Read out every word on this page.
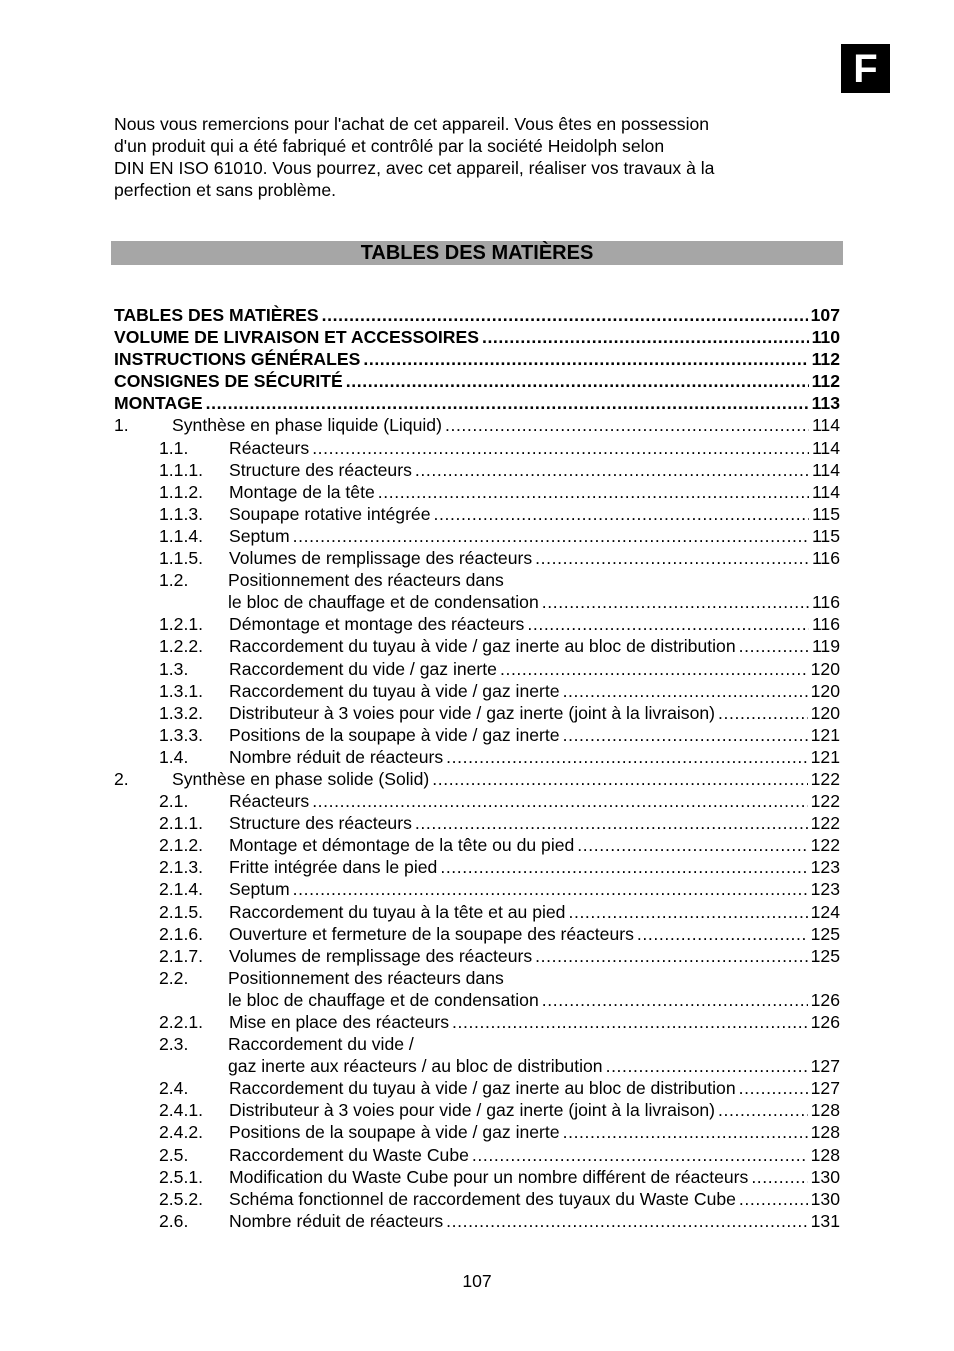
F

Nous vous remercions pour l'achat de cet appareil. Vous êtes en possession

d'un produit qui a été fabriqué et contrôlé par la société Heidolph selon

DIN EN ISO 61010. Vous pourrez, avec cet appareil, réaliser vos travaux à la

perfection et sans problème.

TABLES DES MATIÈRES
TABLES DES MATIÈRES .....	107
VOLUME DE LIVRAISON ET ACCESSOIRES .....	110
INSTRUCTIONS GÉNÉRALES .....	112
CONSIGNES DE SÉCURITÉ .....	112
MONTAGE .....	113
1.	Synthèse en phase liquide (Liquid) .....	114
1.1.	Réacteurs .....	114
1.1.1.	Structure des réacteurs .....	114
1.1.2.	Montage de la tête .....	114
1.1.3.	Soupape rotative intégrée .....	115
1.1.4.	Septum .....	115
1.1.5.	Volumes de remplissage des réacteurs .....	116
1.2.	Positionnement des réacteurs dans
le bloc de chauffage et de condensation .....	116
1.2.1.	Démontage et montage des réacteurs .....	116
1.2.2.	Raccordement du tuyau à vide / gaz inerte au bloc de distribution .....	119
1.3.	Raccordement du vide / gaz inerte .....	120
1.3.1.	Raccordement du tuyau à vide / gaz inerte .....	120
1.3.2.	Distributeur à 3 voies pour vide / gaz inerte (joint à la livraison) .....	120
1.3.3.	Positions de la soupape à vide / gaz inerte .....	121
1.4.	Nombre réduit de réacteurs .....	121
2.	Synthèse en phase solide (Solid) .....	122
2.1.	Réacteurs .....	122
2.1.1.	Structure des réacteurs .....	122
2.1.2.	Montage et démontage de la tête ou du pied .....	122
2.1.3.	Fritte intégrée dans le pied .....	123
2.1.4.	Septum .....	123
2.1.5.	Raccordement du tuyau à la tête et au pied .....	124
2.1.6.	Ouverture et fermeture de la soupape des réacteurs .....	125
2.1.7.	Volumes de remplissage des réacteurs .....	125
2.2.	Positionnement des réacteurs dans
le bloc de chauffage et de condensation .....	126
2.2.1.	Mise en place des réacteurs .....	126
2.3.	Raccordement du vide /
gaz inerte aux réacteurs / au bloc de distribution .....	127
2.4.	Raccordement du tuyau à vide / gaz inerte au bloc de distribution .....	127
2.4.1.	Distributeur à 3 voies pour vide / gaz inerte (joint à la livraison) .....	128
2.4.2.	Positions de la soupape à vide / gaz inerte .....	128
2.5.	Raccordement du Waste Cube .....	128
2.5.1.	Modification du Waste Cube pour un nombre différent de réacteurs .....	130
2.5.2.	Schéma fonctionnel de raccordement des tuyaux du Waste Cube .....	130
2.6.	Nombre réduit de réacteurs .....	131
107
